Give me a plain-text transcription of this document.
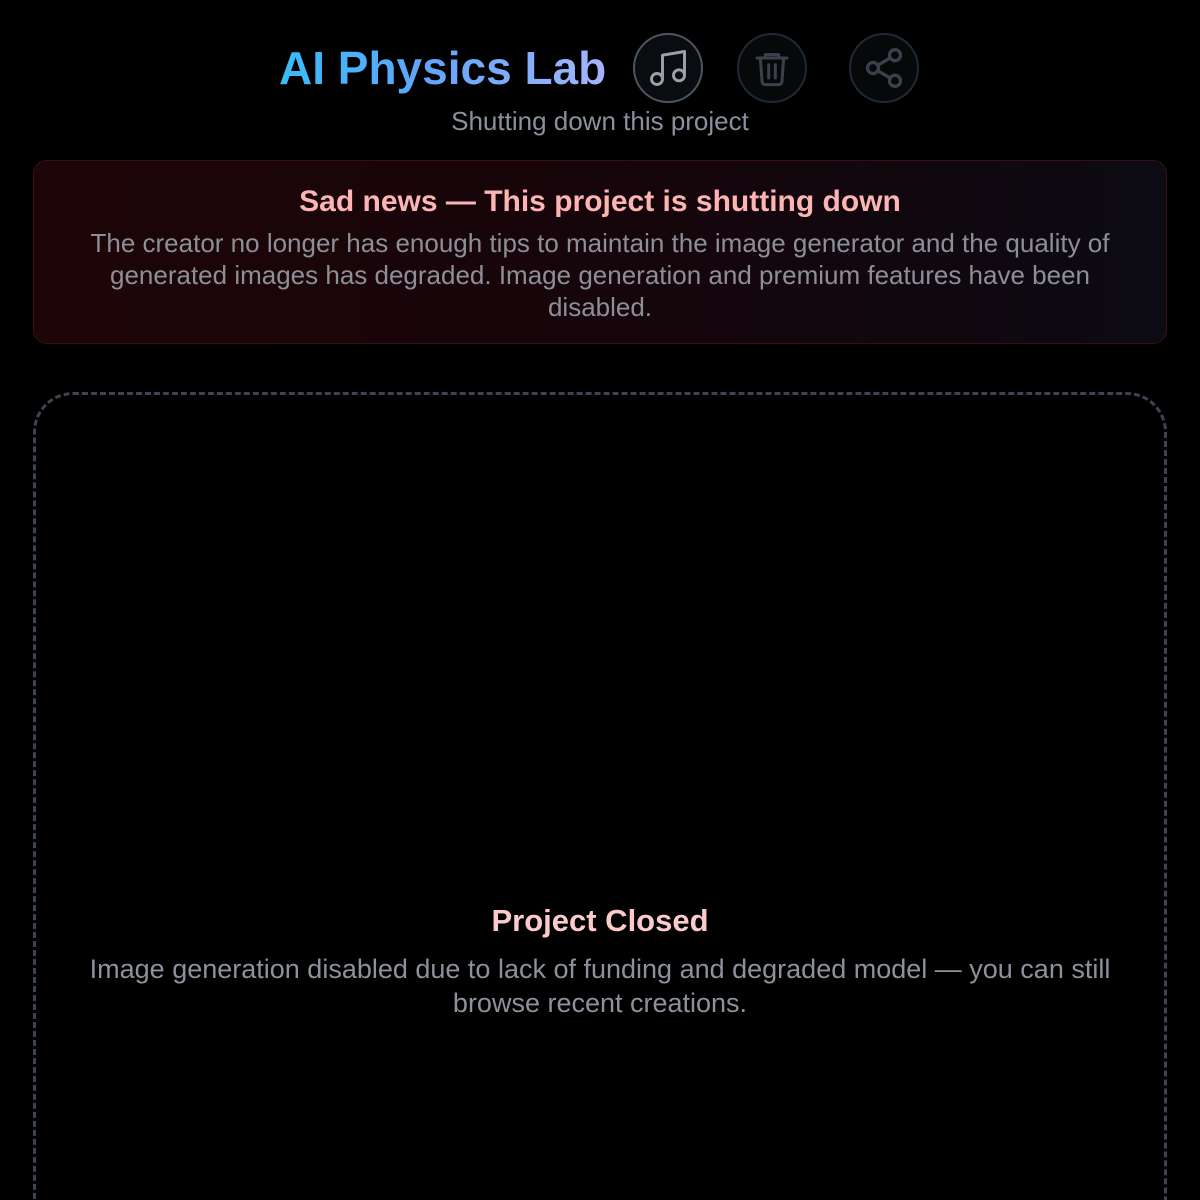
AI Physics Lab
Shutting down this project
Sad news — This project is shutting down
The creator no longer has enough tips to maintain the image generator and the quality of generated images has degraded. Image generation and premium features have been disabled.
Project Closed
Image generation disabled due to lack of funding and degraded model — you can still browse recent creations.
